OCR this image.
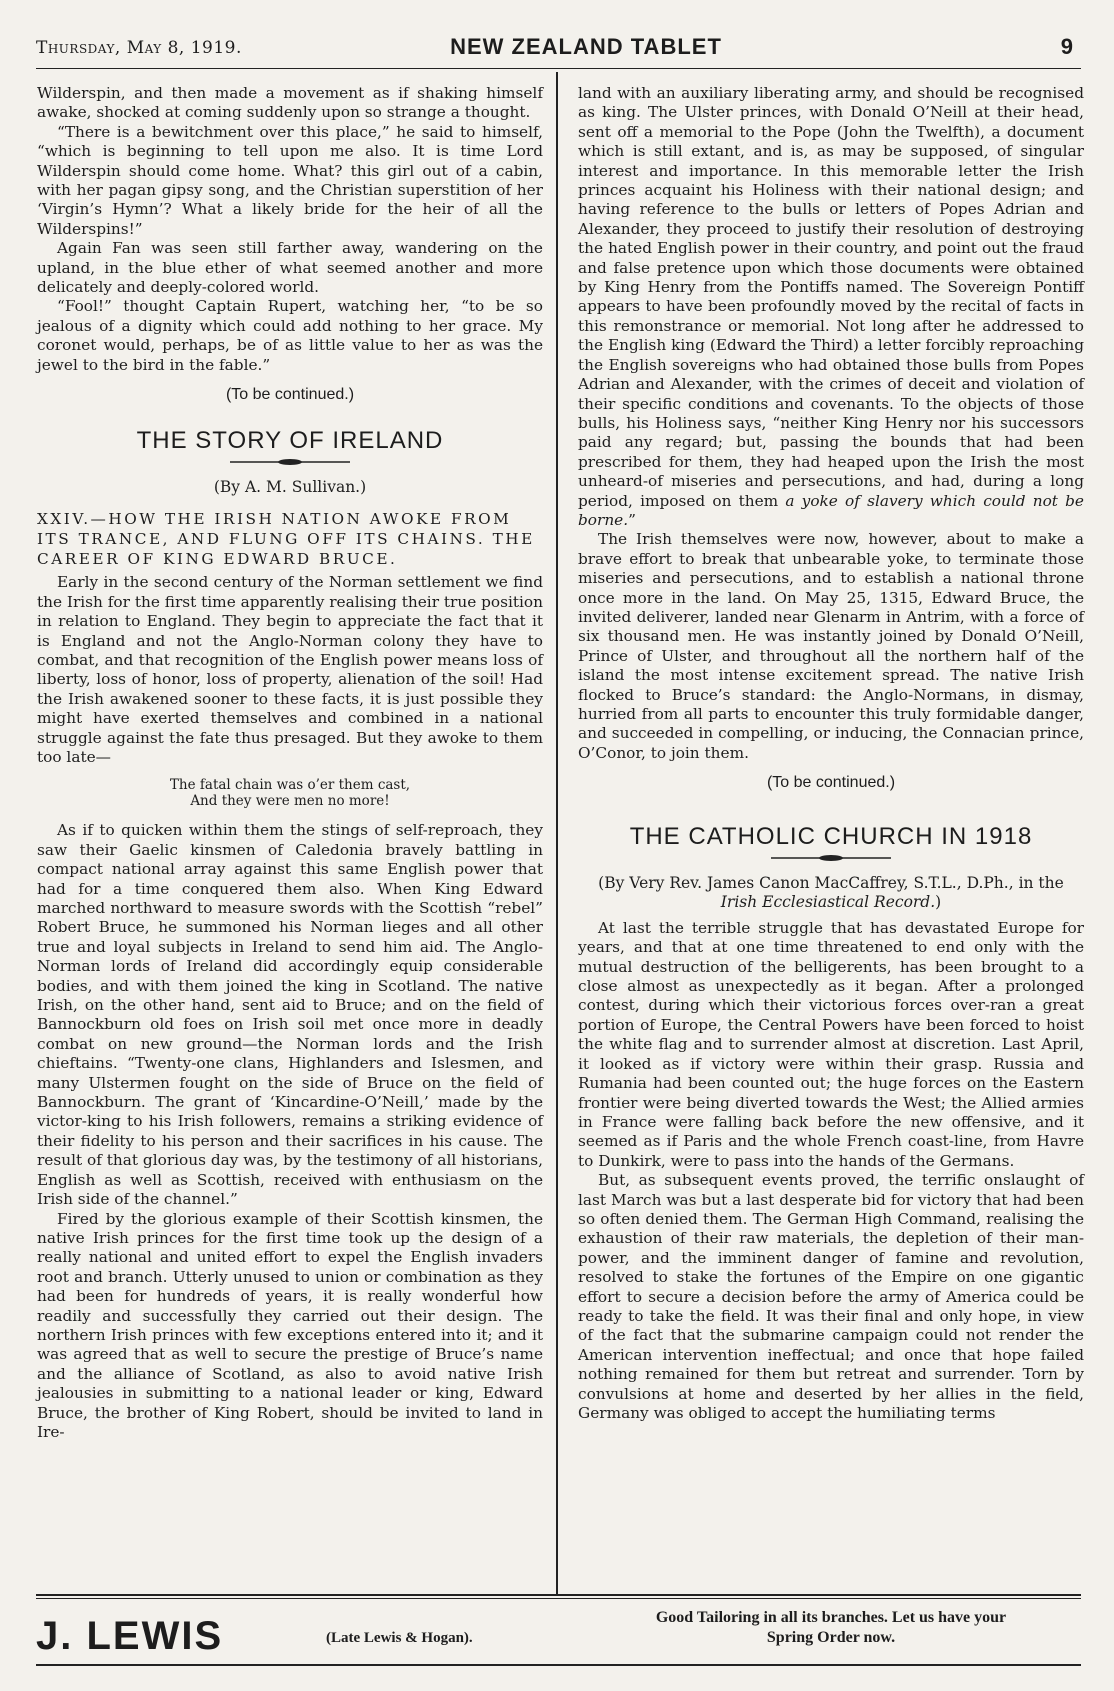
Thursday, May 8, 1919.	NEW ZEALAND TABLET	9

Wilderspin, and then made a movement as if shaking himself awake, shocked at coming suddenly upon so strange a thought.

“There is a bewitchment over this place,” he said to himself, “which is beginning to tell upon me also. It is time Lord Wilderspin should come home. What? this girl out of a cabin, with her pagan gipsy song, and the Christian superstition of her ‘Virgin’s Hymn’? What a likely bride for the heir of all the Wilderspins!”

Again Fan was seen still farther away, wandering on the upland, in the blue ether of what seemed another and more delicately and deeply-colored world.

“Fool!” thought Captain Rupert, watching her, “to be so jealous of a dignity which could add nothing to her grace. My coronet would, perhaps, be of as little value to her as was the jewel to the bird in the fable.”

(To be continued.)
THE STORY OF IRELAND
(By A. M. Sullivan.)
XXIV.—HOW THE IRISH NATION AWOKE FROM ITS TRANCE, AND FLUNG OFF ITS CHAINS. THE CAREER OF KING EDWARD BRUCE.

Early in the second century of the Norman settlement we find the Irish for the first time apparently realising their true position in relation to England. They begin to appreciate the fact that it is England and not the Anglo-Norman colony they have to combat, and that recognition of the English power means loss of liberty, loss of honor, loss of property, alienation of the soil! Had the Irish awakened sooner to these facts, it is just possible they might have exerted themselves and combined in a national struggle against the fate thus presaged. But they awoke to them too late—

The fatal chain was o’er them cast,
And they were men no more!

As if to quicken within them the stings of self-reproach, they saw their Gaelic kinsmen of Caledonia bravely battling in compact national array against this same English power that had for a time conquered them also. When King Edward marched northward to measure swords with the Scottish “rebel” Robert Bruce, he summoned his Norman lieges and all other true and loyal subjects in Ireland to send him aid. The Anglo-Norman lords of Ireland did accordingly equip considerable bodies, and with them joined the king in Scotland. The native Irish, on the other hand, sent aid to Bruce; and on the field of Bannockburn old foes on Irish soil met once more in deadly combat on new ground—the Norman lords and the Irish chieftains. “Twenty-one clans, Highlanders and Islesmen, and many Ulstermen fought on the side of Bruce on the field of Bannockburn. The grant of ‘Kincardine-O’Neill,’ made by the victor-king to his Irish followers, remains a striking evidence of their fidelity to his person and their sacrifices in his cause. The result of that glorious day was, by the testimony of all historians, English as well as Scottish, received with enthusiasm on the Irish side of the channel.”

Fired by the glorious example of their Scottish kinsmen, the native Irish princes for the first time took up the design of a really national and united effort to expel the English invaders root and branch. Utterly unused to union or combination as they had been for hundreds of years, it is really wonderful how readily and successfully they carried out their design. The northern Irish princes with few exceptions entered into it; and it was agreed that as well to secure the prestige of Bruce’s name and the alliance of Scotland, as also to avoid native Irish jealousies in submitting to a national leader or king, Edward Bruce, the brother of King Robert, should be invited to land in Ire-

land with an auxiliary liberating army, and should be recognised as king. The Ulster princes, with Donald O’Neill at their head, sent off a memorial to the Pope (John the Twelfth), a document which is still extant, and is, as may be supposed, of singular interest and importance. In this memorable letter the Irish princes acquaint his Holiness with their national design; and having reference to the bulls or letters of Popes Adrian and Alexander, they proceed to justify their resolution of destroying the hated English power in their country, and point out the fraud and false pretence upon which those documents were obtained by King Henry from the Pontiffs named. The Sovereign Pontiff appears to have been profoundly moved by the recital of facts in this remonstrance or memorial. Not long after he addressed to the English king (Edward the Third) a letter forcibly reproaching the English sovereigns who had obtained those bulls from Popes Adrian and Alexander, with the crimes of deceit and violation of their specific conditions and covenants. To the objects of those bulls, his Holiness says, “neither King Henry nor his successors paid any regard; but, passing the bounds that had been prescribed for them, they had heaped upon the Irish the most unheard-of miseries and persecutions, and had, during a long period, imposed on them a yoke of slavery which could not be borne.”

The Irish themselves were now, however, about to make a brave effort to break that unbearable yoke, to terminate those miseries and persecutions, and to establish a national throne once more in the land. On May 25, 1315, Edward Bruce, the invited deliverer, landed near Glenarm in Antrim, with a force of six thousand men. He was instantly joined by Donald O’Neill, Prince of Ulster, and throughout all the northern half of the island the most intense excitement spread. The native Irish flocked to Bruce’s standard: the Anglo-Normans, in dismay, hurried from all parts to encounter this truly formidable danger, and succeeded in compelling, or inducing, the Connacian prince, O’Conor, to join them.

(To be continued.)
THE CATHOLIC CHURCH IN 1918
(By Very Rev. James Canon MacCaffrey, S.T.L., D.Ph., in the Irish Ecclesiastical Record.)

At last the terrible struggle that has devastated Europe for years, and that at one time threatened to end only with the mutual destruction of the belligerents, has been brought to a close almost as unexpectedly as it began. After a prolonged contest, during which their victorious forces over-ran a great portion of Europe, the Central Powers have been forced to hoist the white flag and to surrender almost at discretion. Last April, it looked as if victory were within their grasp. Russia and Rumania had been counted out; the huge forces on the Eastern frontier were being diverted towards the West; the Allied armies in France were falling back before the new offensive, and it seemed as if Paris and the whole French coast-line, from Havre to Dunkirk, were to pass into the hands of the Germans.

But, as subsequent events proved, the terrific onslaught of last March was but a last desperate bid for victory that had been so often denied them. The German High Command, realising the exhaustion of their raw materials, the depletion of their man-power, and the imminent danger of famine and revolution, resolved to stake the fortunes of the Empire on one gigantic effort to secure a decision before the army of America could be ready to take the field. It was their final and only hope, in view of the fact that the submarine campaign could not render the American intervention ineffectual; and once that hope failed nothing remained for them but retreat and surrender. Torn by convulsions at home and deserted by her allies in the field, Germany was obliged to accept the humiliating terms

J. LEWIS	(Late Lewis & Hogan).
Good Tailoring in all its branches. Let us have your
Spring Order now.
